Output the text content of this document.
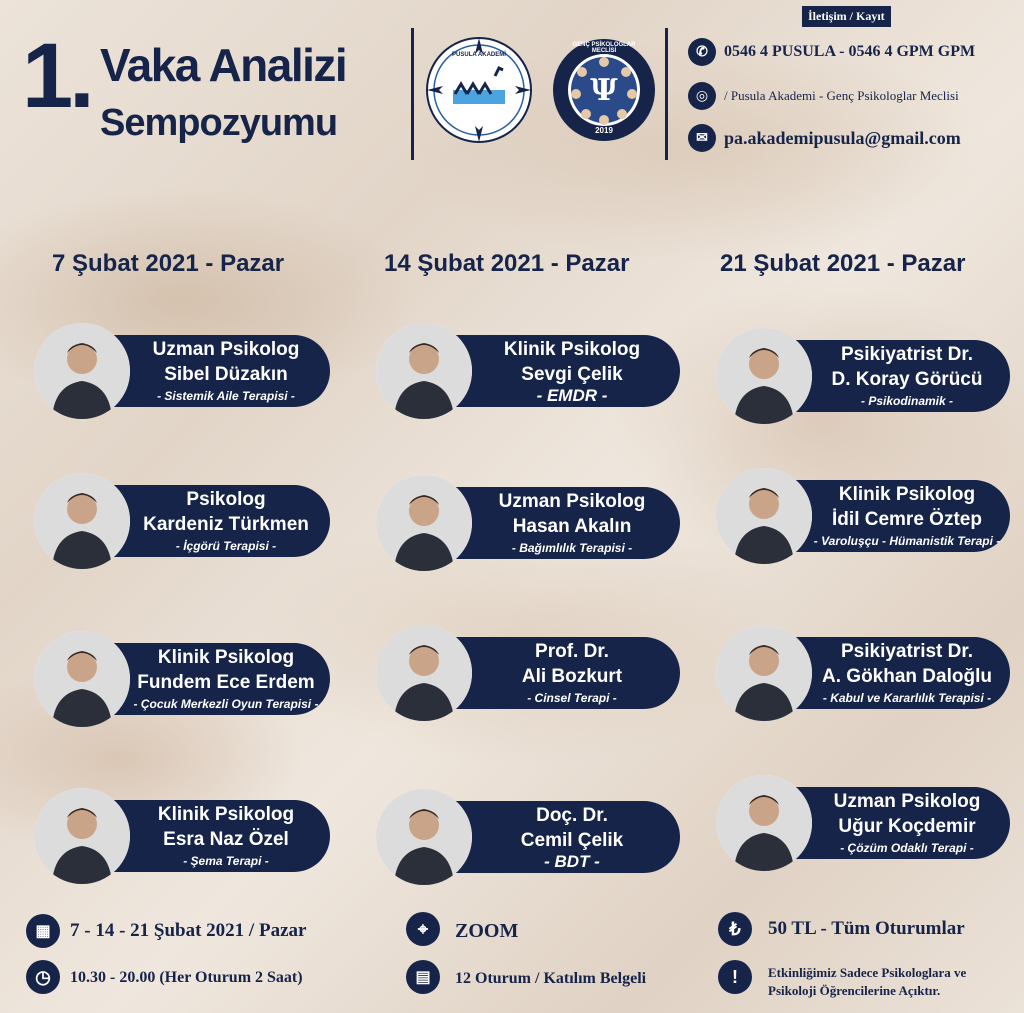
1. Vaka Analizi
Sempozyumu
PUSULA AKADEMİ
Ψ
GENÇ PSİKOLOGLAR MECLİSİ
2019
İletişim / Kayıt
✆	0546 4 PUSULA - 0546 4 GPM GPM
◎	/ Pusula Akademi - Genç Psikologlar Meclisi
✉ pa.akademipusula@gmail.com
7 Şubat 2021 - Pazar	14 Şubat 2021 - Pazar	21 Şubat 2021 - Pazar
Uzman Psikolog
Sibel Düzakın
- Sistemik Aile Terapisi -
Psikolog
Kardeniz Türkmen
- İçgörü Terapisi -
Klinik Psikolog
Fundem Ece Erdem
- Çocuk Merkezli Oyun Terapisi -
Klinik Psikolog
Esra Naz Özel
- Şema Terapi -
Klinik Psikolog
Sevgi Çelik
- EMDR -
Uzman Psikolog
Hasan Akalın
- Bağımlılık Terapisi -
Prof. Dr.
Ali Bozkurt
- Cinsel Terapi -
Doç. Dr.
Cemil Çelik
- BDT -
Psikiyatrist Dr.
D. Koray Görücü
- Psikodinamik -
Klinik Psikolog
İdil Cemre Öztep
- Varoluşçu - Hümanistik Terapi -
Psikiyatrist Dr.
A. Gökhan Daloğlu
- Kabul ve Kararlılık Terapisi -
Uzman Psikolog
Uğur Koçdemir
- Çözüm Odaklı Terapi -
▦	7 - 14 - 21 Şubat 2021 / Pazar
◷	10.30 - 20.00 (Her Oturum 2 Saat)
⌖	ZOOM
▤	12 Oturum / Katılım Belgeli
₺	50 TL - Tüm Oturumlar
!	Etkinliğimiz Sadece Psikologlara ve Psikoloji Öğrencilerine Açıktır.
